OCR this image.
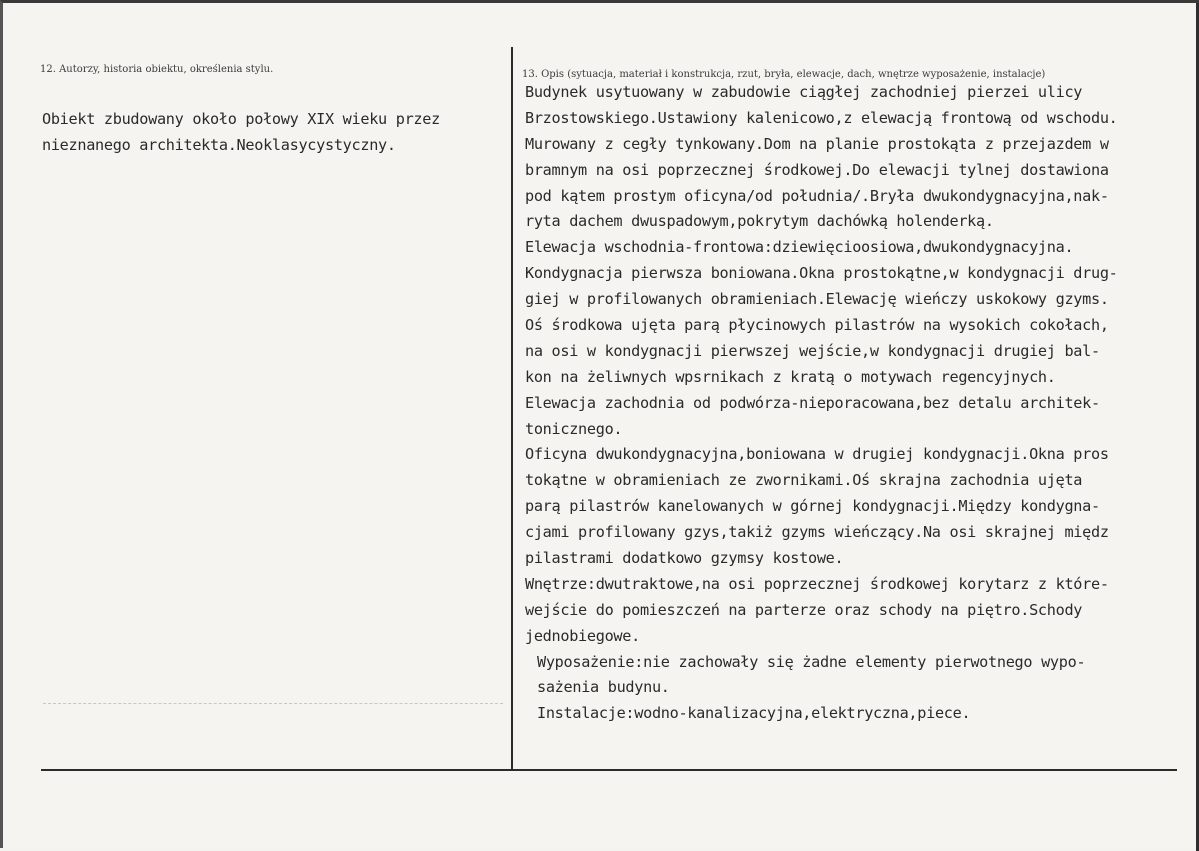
12. Autorzy, historia obiektu, określenia stylu.	13. Opis (sytuacja, materiał i konstrukcja, rzut, bryła, elewacje, dach, wnętrze wyposażenie, instalacje)
Obiekt zbudowany około połowy XIX wieku przez
nieznanego architekta.Neoklasycystyczny.
Budynek usytuowany w zabudowie ciągłej zachodniej pierzei ulicy
Brzostowskiego.Ustawiony kalenicowo,z elewacją frontową od wschodu.
Murowany z cegły tynkowany.Dom na planie prostokąta z przejazdem w
bramnym na osi poprzecznej środkowej.Do elewacji tylnej dostawiona
pod kątem prostym oficyna/od południa/.Bryła dwukondygnacyjna,nak-
ryta dachem dwuspadowym,pokrytym dachówką holenderką.
Elewacja wschodnia-frontowa:dziewięcioosiowa,dwukondygnacyjna.
Kondygnacja pierwsza boniowana.Okna prostokątne,w kondygnacji drug-
giej w profilowanych obramieniach.Elewację wieńczy uskokowy gzyms.
Oś środkowa ujęta parą płycinowych pilastrów na wysokich cokołach,
na osi w kondygnacji pierwszej wejście,w kondygnacji drugiej bal-
kon na żeliwnych wpsrnikach z kratą o motywach regencyjnych.
Elewacja zachodnia od podwórza-nieporacowana,bez detalu architek-
tonicznego.
Oficyna dwukondygnacyjna,boniowana w drugiej kondygnacji.Okna pros
tokątne w obramieniach ze zwornikami.Oś skrajna zachodnia ujęta
parą pilastrów kanelowanych w górnej kondygnacji.Między kondygna-
cjami profilowany gzys,takiż gzyms wieńczący.Na osi skrajnej międz
pilastrami dodatkowo gzymsy kostowe.
Wnętrze:dwutraktowe,na osi poprzecznej środkowej korytarz z które-
wejście do pomieszczeń na parterze oraz schody na piętro.Schody
jednobiegowe.
Wyposażenie:nie zachowały się żadne elementy pierwotnego wypo-
sażenia budynu.
Instalacje:wodno-kanalizacyjna,elektryczna,piece.
